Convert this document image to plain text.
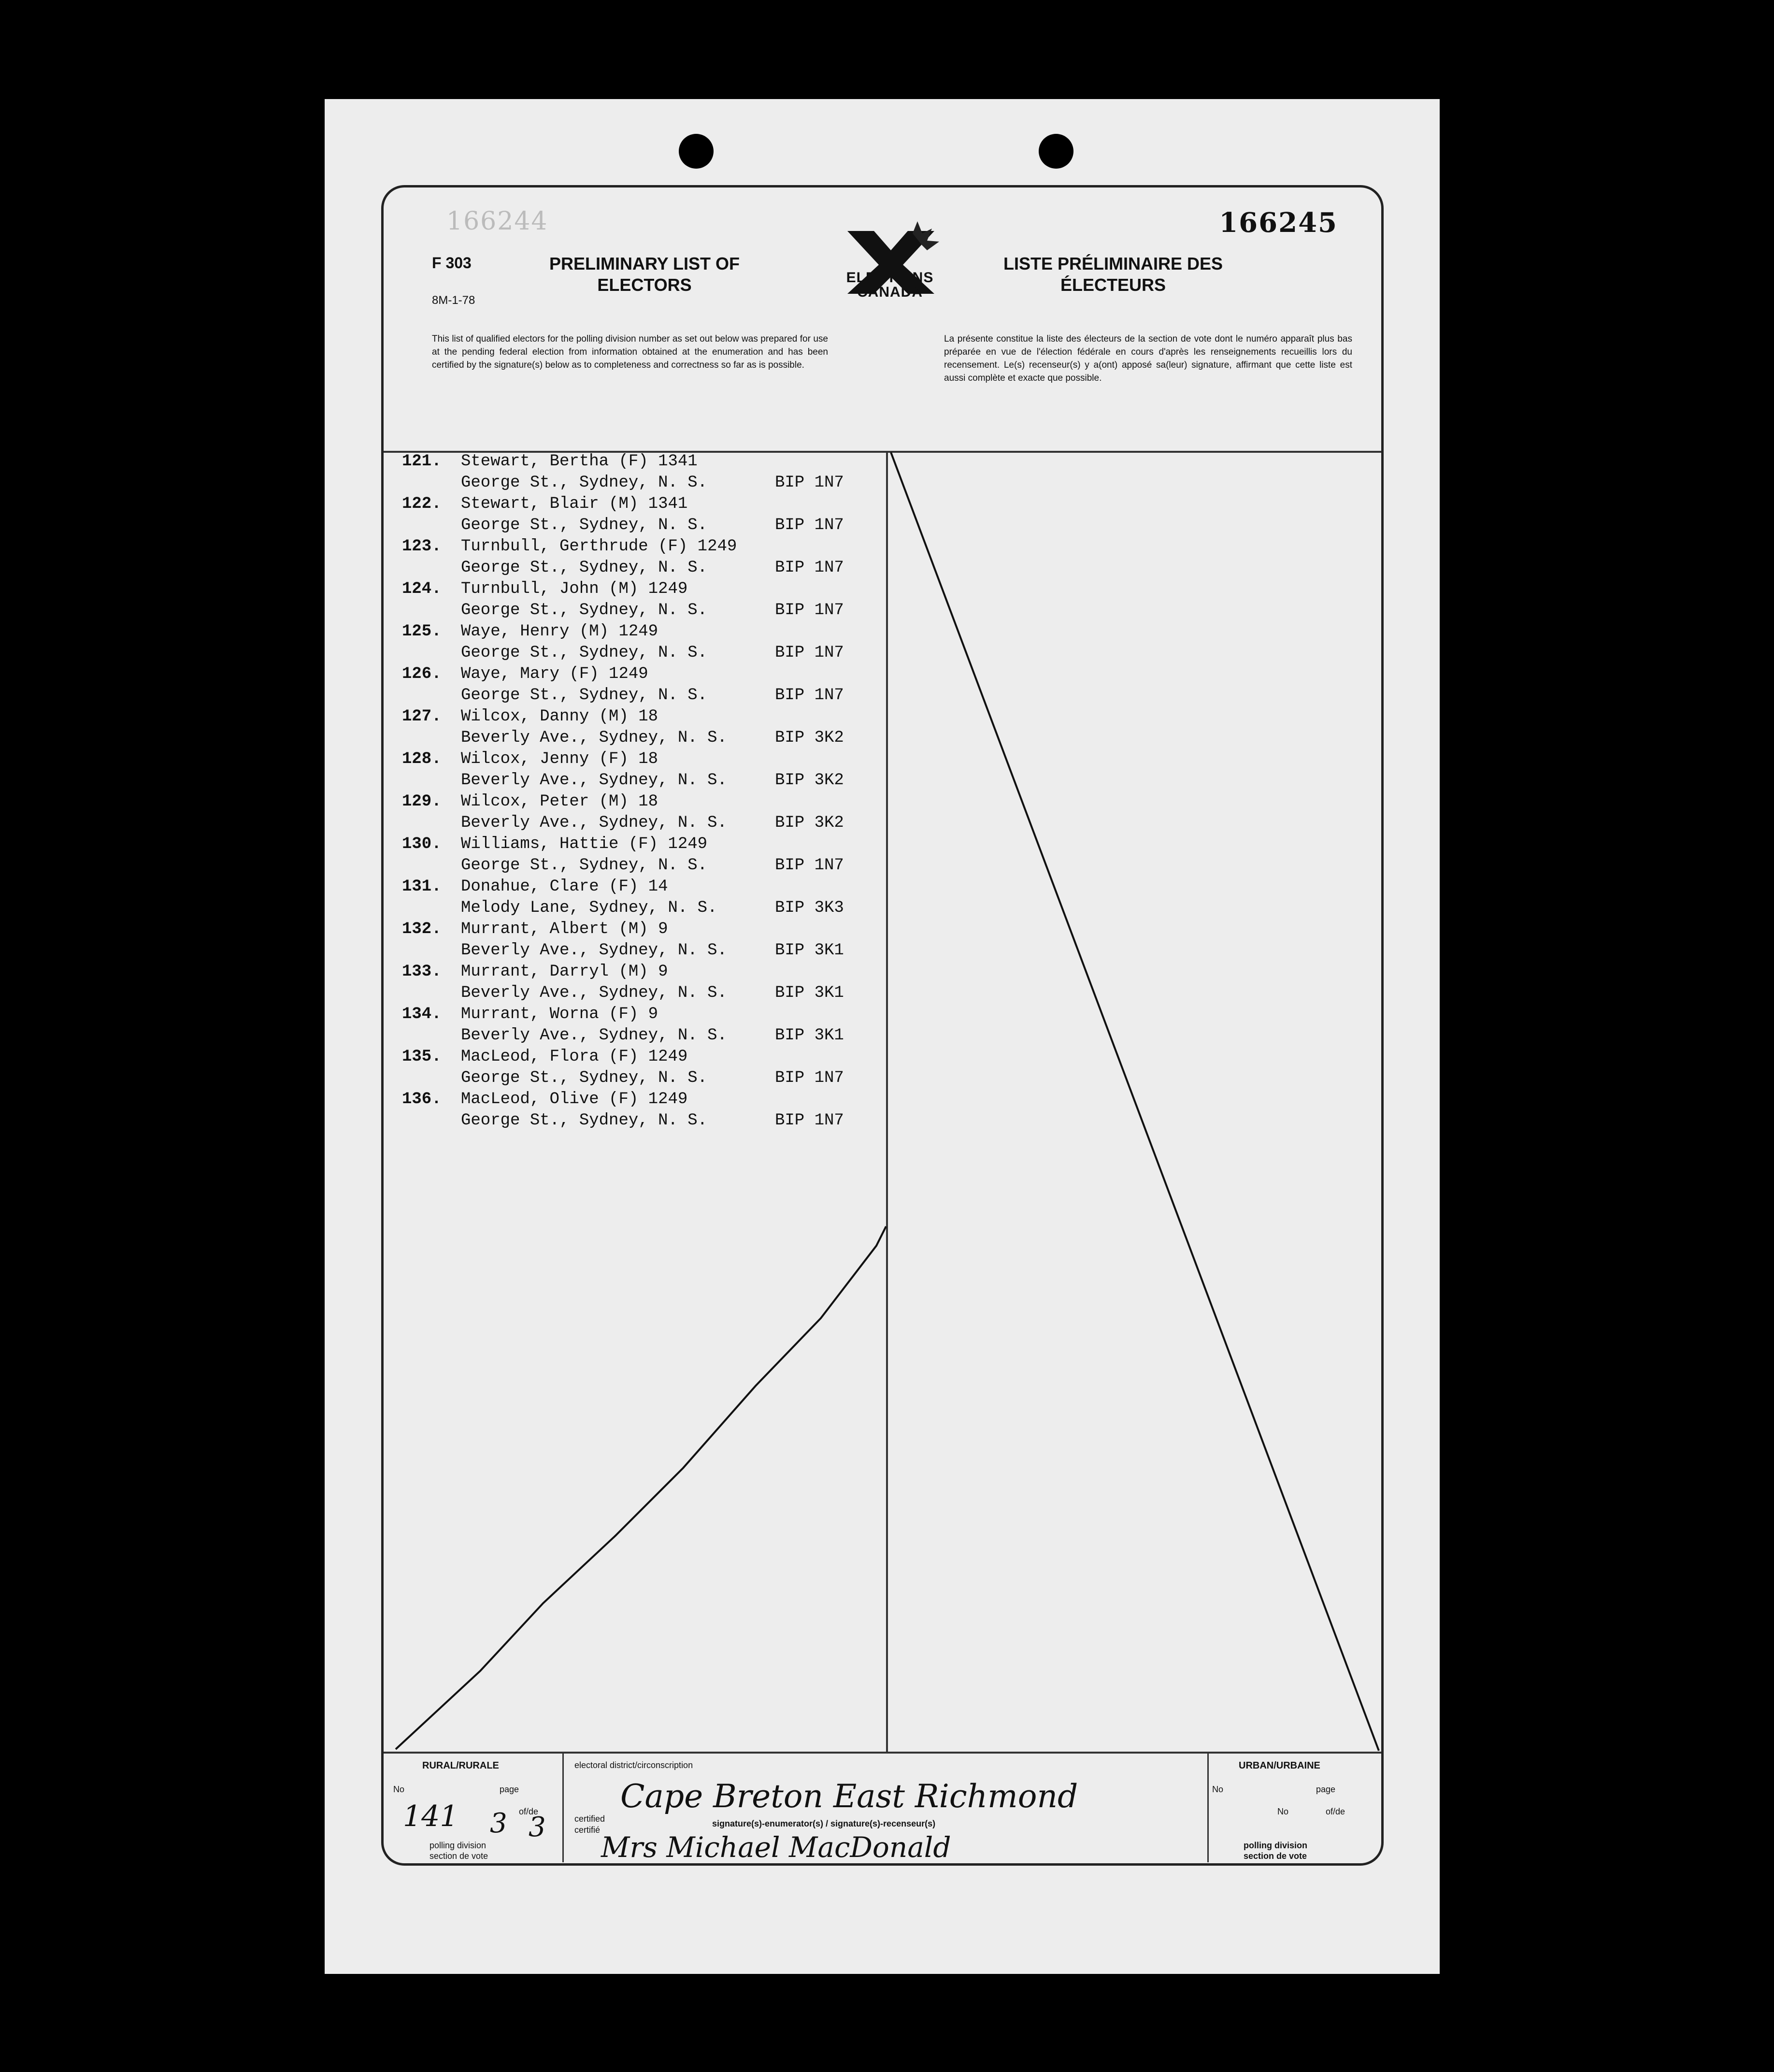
166244	166245
F 303
8M-1-78
PRELIMINARY LIST OF ELECTORS
LISTE PRÉLIMINAIRE DES ÉLECTEURS
ELECTIONS CANADA
This list of qualified electors for the polling division number as set out below was prepared for use at the pending federal election from information obtained at the enumeration and has been certified by the signature(s) below as to completeness and correctness so far as is possible.
La présente constitue la liste des électeurs de la section de vote dont le numéro apparaît plus bas préparée en vue de l'élection fédérale en cours d'après les renseignements recueillis lors du recensement. Le(s) recenseur(s) y a(ont) apposé sa(leur) signature, affirmant que cette liste est aussi complète et exacte que possible.
121. Stewart, Bertha (F) 1341
George St., Sydney, N. S.	BIP 1N7
122. Stewart, Blair (M) 1341
George St., Sydney, N. S.	BIP 1N7
123. Turnbull, Gerthrude (F) 1249
George St., Sydney, N. S.	BIP 1N7
124. Turnbull, John (M) 1249
George St., Sydney, N. S.	BIP 1N7
125. Waye, Henry (M) 1249
George St., Sydney, N. S.	BIP 1N7
126. Waye, Mary (F) 1249
George St., Sydney, N. S.	BIP 1N7
127. Wilcox, Danny (M) 18
Beverly Ave., Sydney, N. S.	BIP 3K2
128. Wilcox, Jenny (F) 18
Beverly Ave., Sydney, N. S.	BIP 3K2
129. Wilcox, Peter (M) 18
Beverly Ave., Sydney, N. S.	BIP 3K2
130. Williams, Hattie (F) 1249
George St., Sydney, N. S.	BIP 1N7
131. Donahue, Clare (F) 14
Melody Lane, Sydney, N. S.	BIP 3K3
132. Murrant, Albert (M) 9
Beverly Ave., Sydney, N. S.	BIP 3K1
133. Murrant, Darryl (M) 9
Beverly Ave., Sydney, N. S.	BIP 3K1
134. Murrant, Worna (F) 9
Beverly Ave., Sydney, N. S.	BIP 3K1
135. MacLeod, Flora (F) 1249
George St., Sydney, N. S.	BIP 1N7
136. MacLeod, Olive (F) 1249
George St., Sydney, N. S.	BIP 1N7
RURAL/RURALE
No	page
of/de
141 3 3
polling division
section de vote
electoral district/circonscription
Cape Breton East Richmond
certified
certifié
signature(s)-enumerator(s) / signature(s)-recenseur(s)
Mrs Michael MacDonald
URBAN/URBAINE
No	page
No	of/de
polling division
section de vote
